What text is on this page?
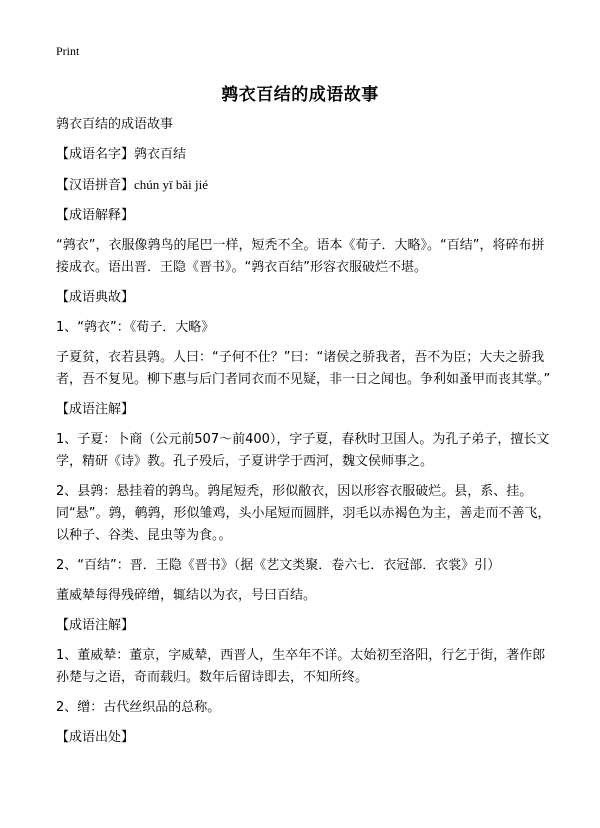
Print
鹑衣百结的成语故事

鹑衣百结的成语故事

【成语名字】鹑衣百结

【汉语拼音】chún yī bǎi jié

【成语解释】

“鹑衣”，衣服像鹑鸟的尾巴一样，短秃不全。语本《荀子．大略》。“百结”，将碎布拼接成衣。语出晋．王隐《晋书》。“鹑衣百结”形容衣服破烂不堪。

【成语典故】

1、“鹑衣”：《荀子．大略》

子夏贫，衣若县鹑。人曰：“子何不仕？”曰：“诸侯之骄我者，吾不为臣；大夫之骄我者，吾不复见。柳下惠与后门者同衣而不见疑，非一日之闻也。争利如蚤甲而丧其掌。”

【成语注解】

1、子夏：卜商（公元前507～前400），字子夏，春秋时卫国人。为孔子弟子，擅长文学，精研《诗》教。孔子殁后，子夏讲学于西河，魏文侯师事之。

2、县鹑：悬挂着的鹑鸟。鹑尾短秃，形似敝衣，因以形容衣服破烂。县，系、挂。同“悬”。鹑，鹌鹑，形似雏鸡，头小尾短而圆胖，羽毛以赤褐色为主，善走而不善飞，以种子、谷类、昆虫等为食。。

2、“百结”：晋．王隐《晋书》（据《艺文类聚．卷六七．衣冠部．衣裳》引）

董威辇每得残碎缯，辄结以为衣，号曰百结。

【成语注解】

1、董威辇：董京，字威辇，西晋人，生卒年不详。太始初至洛阳，行乞于街，著作郎孙楚与之语，奇而载归。数年后留诗即去，不知所终。

2、缯：古代丝织品的总称。

【成语出处】
